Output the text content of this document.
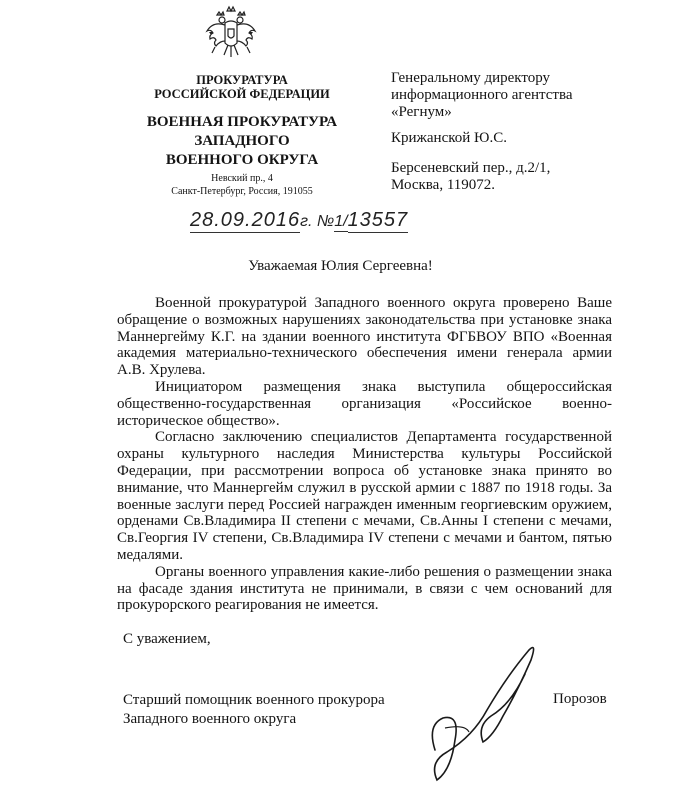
ПРОКУРАТУРА
РОССИЙСКОЙ ФЕДЕРАЦИИ
ВОЕННАЯ ПРОКУРАТУРА
ЗАПАДНОГО
ВОЕННОГО ОКРУГА
Невский пр., 4
Санкт-Петербург, Россия, 191055
28.09.2016г. №1/13557
Генеральному директору
информационного агентства
«Регнум»
Крижанской Ю.С.
Берсеневский пер., д.2/1,
Москва, 119072.
Уважаемая Юлия Сергеевна!

Военной прокуратурой Западного военного округа проверено Ваше обращение о возможных нарушениях законодательства при установке знака Маннергейму К.Г. на здании военного института ФГБВОУ ВПО «Военная академия материально-технического обеспечения имени генерала армии А.В. Хрулева.

Инициатором размещения знака выступила общероссийская общественно-государственная организация «Российское военно-историческое общество».

Согласно заключению специалистов Департамента государственной охраны культурного наследия Министерства культуры Российской Федерации, при рассмотрении вопроса об установке знака принято во внимание, что Маннергейм служил в русской армии с 1887 по 1918 годы. За военные заслуги перед Россией награжден именным георгиевским оружием, орденами Св.Владимира II степени с мечами, Св.Анны I степени с мечами, Св.Георгия IV степени, Св.Владимира IV степени с мечами и бантом, пятью медалями.

Органы военного управления какие-либо решения о размещении знака на фасаде здания института не принимали, в связи с чем оснований для прокурорского реагирования не имеется.

С уважением,
Старший помощник военного прокурора
Западного военного округа
Порозов
